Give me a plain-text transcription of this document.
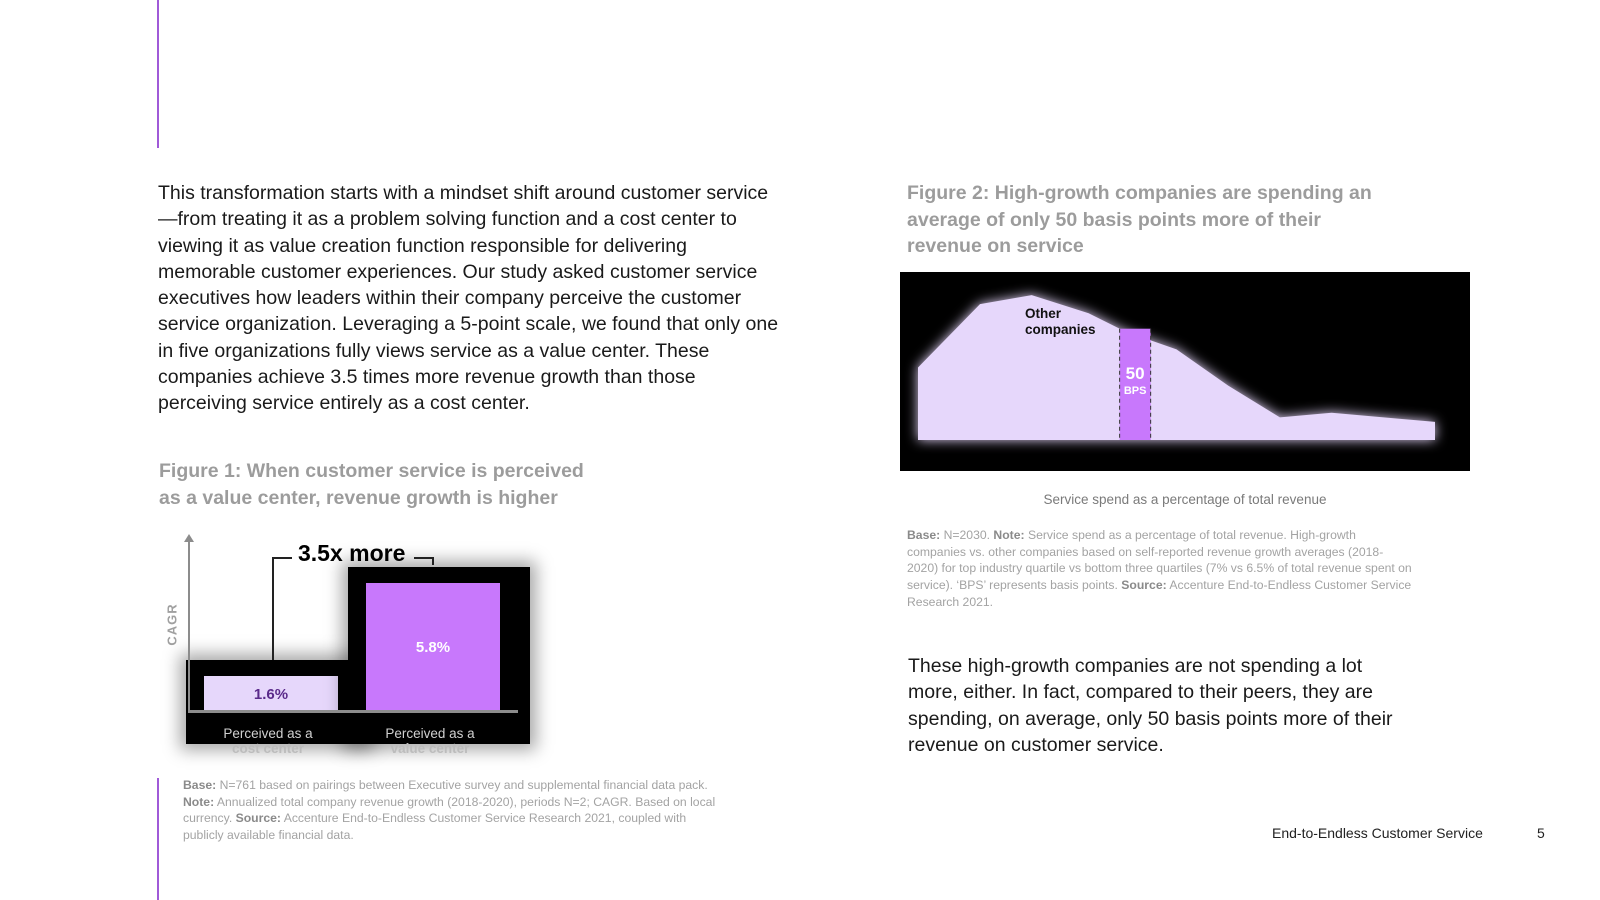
This transformation starts with a mindset shift around customer service—from treating it as a problem solving function and a cost center to viewing it as value creation function responsible for delivering memorable customer experiences. Our study asked customer service executives how leaders within their company perceive the customer service organization. Leveraging a 5-point scale, we found that only one in five organizations fully views service as a value center. These companies achieve 3.5 times more revenue growth than those perceiving service entirely as a cost center.

Figure 1: When customer service is perceived as a value center, revenue growth is higher

CAGR
1.6%
Perceived as a
cost center
5.8%
Perceived as a
value center
3.5x more

Base: N=761 based on pairings between Executive survey and supplemental financial data pack. Note: Annualized total company revenue growth (2018-2020), periods N=2; CAGR. Based on local currency. Source: Accenture End-to-Endless Customer Service Research 2021, coupled with publicly available financial data.

Figure 2: High-growth companies are spending an average of only 50 basis points more of their revenue on service

Other
companies
50
BPS
Service spend as a percentage of total revenue

Base: N=2030. Note: Service spend as a percentage of total revenue. High-growth companies vs. other companies based on self-reported revenue growth averages (2018-2020) for top industry quartile vs bottom three quartiles (7% vs 6.5% of total revenue spent on service). ‘BPS’ represents basis points. Source: Accenture End-to-Endless Customer Service Research 2021.

These high-growth companies are not spending a lot more, either. In fact, compared to their peers, they are spending, on average, only 50 basis points more of their revenue on customer service.

End-to-Endless Customer Service	5
